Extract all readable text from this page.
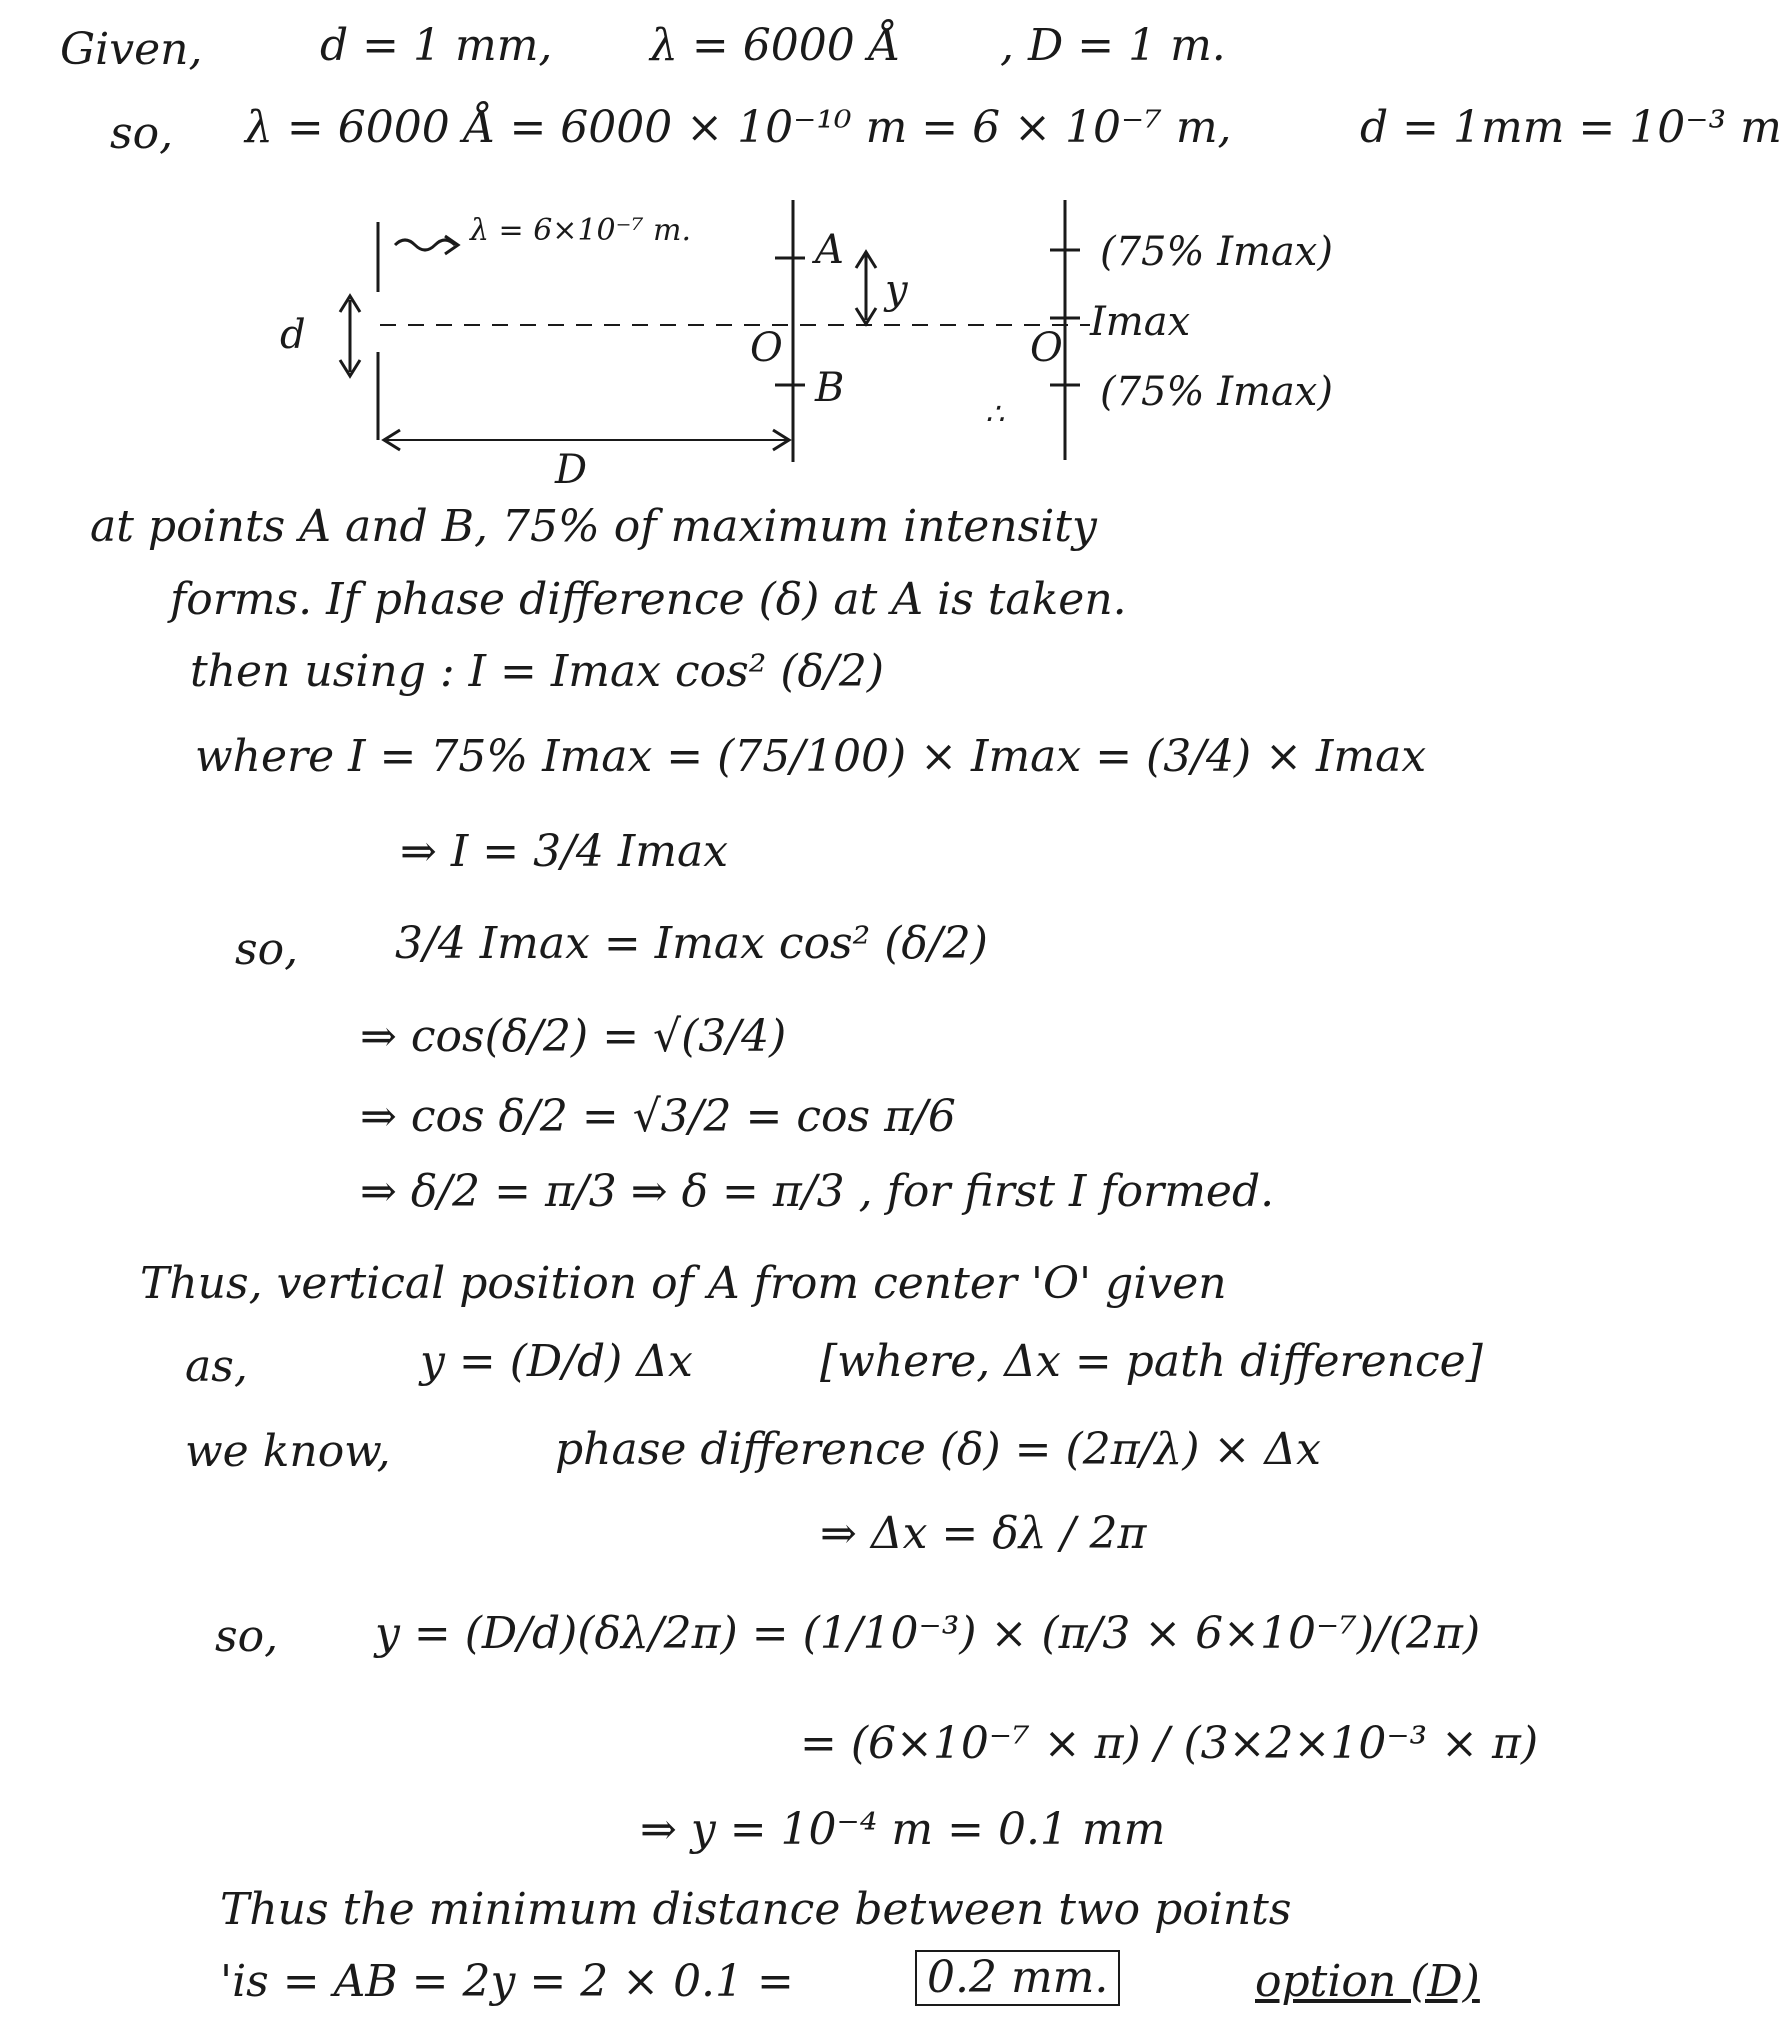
Given,	d = 1 mm, λ = 6000 Å , D = 1 m.
so, λ = 6000 Å = 6000 × 10⁻¹⁰ m = 6 × 10⁻⁷ m,	d = 1mm = 10⁻³ m
λ = 6×10⁻⁷ m.
d
A
B
O	O
y
D
(75% Imax)
Imax
(75% Imax)
∴
at points A and B, 75% of maximum intensity
forms. If phase difference (δ) at A is taken.
then using : I = Imax cos² (δ/2)
where I = 75% Imax = (75/100) × Imax = (3/4) × Imax
⇒ I = 3/4 Imax
so, 3/4 Imax = Imax cos² (δ/2)
⇒ cos(δ/2) = √(3/4)
⇒ cos δ/2 = √3/2 = cos π/6
⇒ δ/2 = π/3 ⇒ δ = π/3 , for first I formed.
Thus, vertical position of A from center 'O' given
as,	y = (D/d) Δx	[where, Δx = path difference]
we know,	phase difference (δ) = (2π/λ) × Δx
⇒ Δx = δλ / 2π
so, y = (D/d)(δλ/2π) = (1/10⁻³) × (π/3 × 6×10⁻⁷)/(2π)
= (6×10⁻⁷ × π) / (3×2×10⁻³ × π)
⇒ y = 10⁻⁴ m = 0.1 mm
Thus the minimum distance between two points
'is = AB = 2y = 2 × 0.1 =	0.2 mm.	option (D)
